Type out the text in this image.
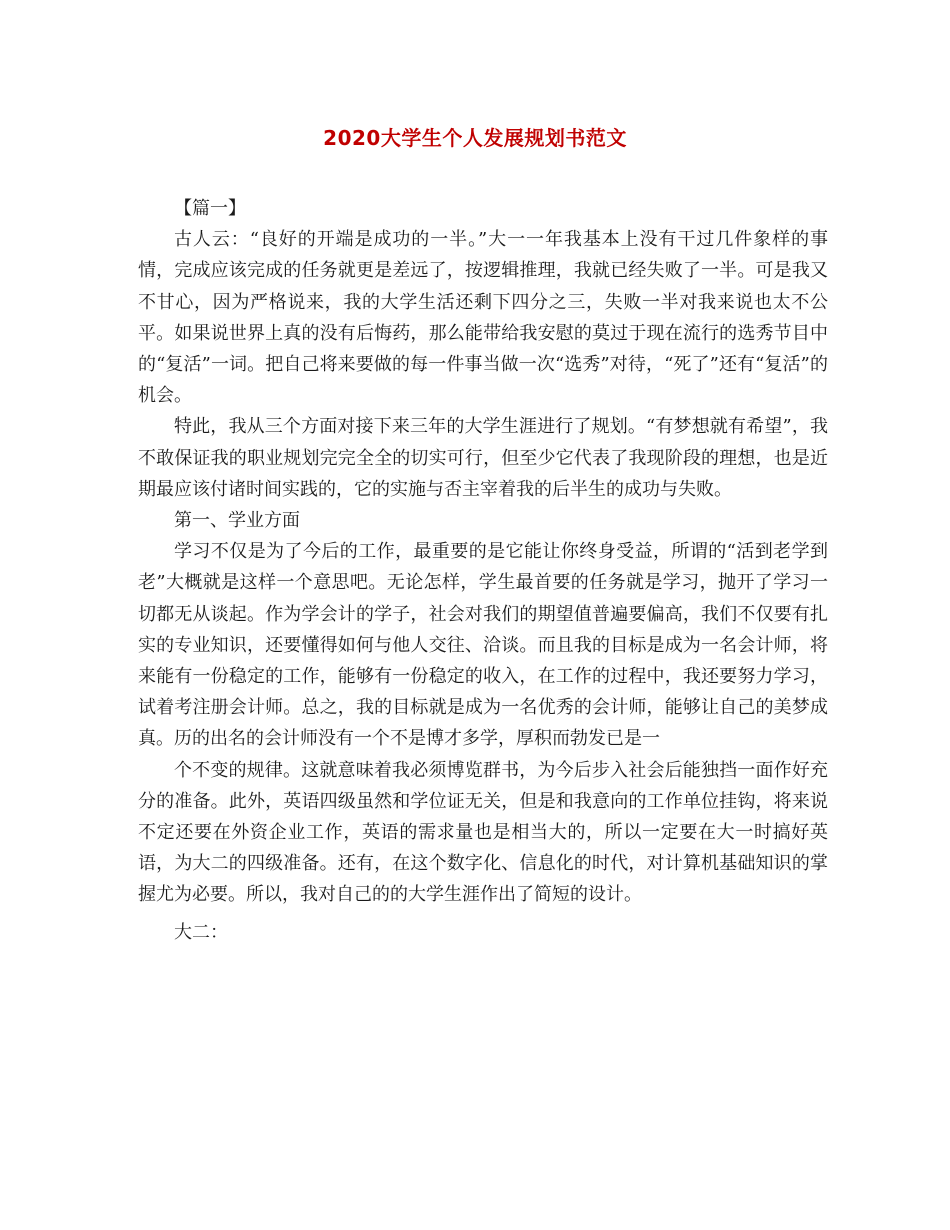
2020大学生个人发展规划书范文

【篇一】

古人云：“良好的开端是成功的一半。”大一一年我基本上没有干过几件象样的事情，完成应该完成的任务就更是差远了，按逻辑推理，我就已经失败了一半。可是我又不甘心，因为严格说来，我的大学生活还剩下四分之三，失败一半对我来说也太不公平。如果说世界上真的没有后悔药，那么能带给我安慰的莫过于现在流行的选秀节目中的“复活”一词。把自己将来要做的每一件事当做一次“选秀”对待，“死了”还有“复活”的机会。

特此，我从三个方面对接下来三年的大学生涯进行了规划。“有梦想就有希望”，我不敢保证我的职业规划完完全全的切实可行，但至少它代表了我现阶段的理想，也是近期最应该付诸时间实践的，它的实施与否主宰着我的后半生的成功与失败。

第一、学业方面

学习不仅是为了今后的工作，最重要的是它能让你终身受益，所谓的“活到老学到老”大概就是这样一个意思吧。无论怎样，学生最首要的任务就是学习，抛开了学习一切都无从谈起。作为学会计的学子，社会对我们的期望值普遍要偏高，我们不仅要有扎实的专业知识，还要懂得如何与他人交往、洽谈。而且我的目标是成为一名会计师，将来能有一份稳定的工作，能够有一份稳定的收入，在工作的过程中，我还要努力学习，试着考注册会计师。总之，我的目标就是成为一名优秀的会计师，能够让自己的美梦成真。历的出名的会计师没有一个不是博才多学，厚积而勃发已是一

个不变的规律。这就意味着我必须博览群书，为今后步入社会后能独挡一面作好充分的准备。此外，英语四级虽然和学位证无关，但是和我意向的工作单位挂钩，将来说不定还要在外资企业工作，英语的需求量也是相当大的，所以一定要在大一时搞好英语，为大二的四级准备。还有，在这个数字化、信息化的时代，对计算机基础知识的掌握尤为必要。所以，我对自己的的大学生涯作出了简短的设计。

大二：
